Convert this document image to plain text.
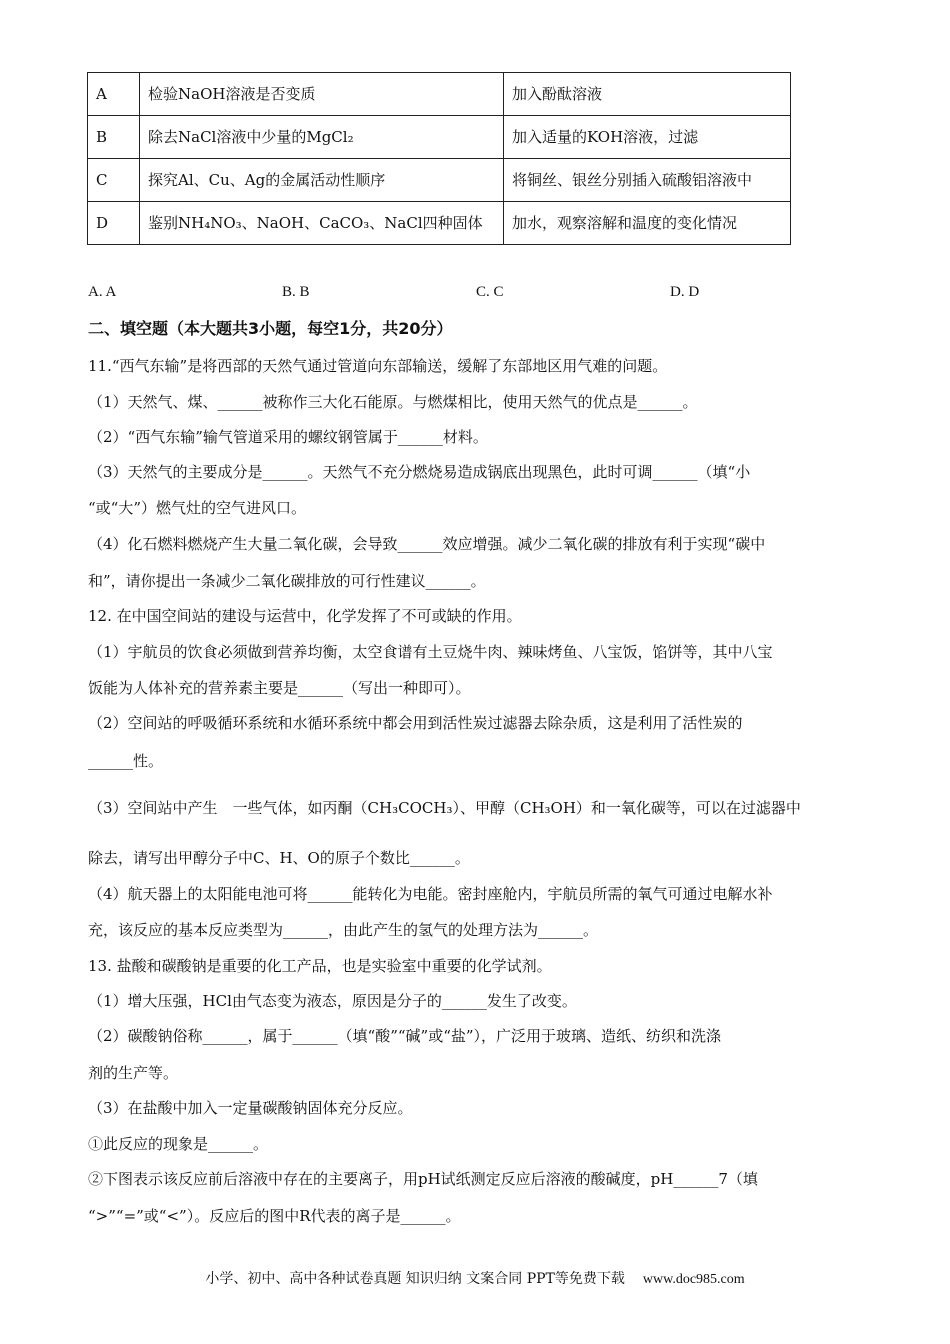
A	检验NaOH溶液是否变质	加入酚酞溶液
B	除去NaCl溶液中少量的MgCl₂	加入适量的KOH溶液，过滤
C	探究Al、Cu、Ag的金属活动性顺序	将铜丝、银丝分别插入硫酸铝溶液中
D	鉴别NH₄NO₃、NaOH、CaCO₃、NaCl四种固体	加水，观察溶解和温度的变化情况
A. A	B. B	C. C	D. D
二、填空题（本大题共3小题，每空1分，共20分）
11.“西气东输”是将西部的天然气通过管道向东部输送，缓解了东部地区用气难的问题。
（1）天然气、煤、______被称作三大化石能原。与燃煤相比，使用天然气的优点是______。
（2）“西气东输”输气管道采用的螺纹钢管属于______材料。
（3）天然气的主要成分是______。天然气不充分燃烧易造成锅底出现黑色，此时可调______（填“小
“或“大”）燃气灶的空气进风口。
（4）化石燃料燃烧产生大量二氧化碳，会导致______效应增强。减少二氧化碳的排放有利于实现“碳中
和”，请你提出一条减少二氧化碳排放的可行性建议______。
12. 在中国空间站的建设与运营中，化学发挥了不可或缺的作用。
（1）宇航员的饮食必须做到营养均衡，太空食谱有土豆烧牛肉、辣味烤鱼、八宝饭，馅饼等，其中八宝
饭能为人体补充的营养素主要是______（写出一种即可）。
（2）空间站的呼吸循环系统和水循环系统中都会用到活性炭过滤器去除杂质，这是利用了活性炭的
______性。
（3）空间站中产生　一些气体，如丙酮（CH₃COCH₃）、甲醇（CH₃OH）和一氧化碳等，可以在过滤器中
除去，请写出甲醇分子中C、H、O的原子个数比______。
（4）航天器上的太阳能电池可将______能转化为电能。密封座舱内，宇航员所需的氧气可通过电解水补
充，该反应的基本反应类型为______，由此产生的氢气的处理方法为______。
13. 盐酸和碳酸钠是重要的化工产品，也是实验室中重要的化学试剂。
（1）增大压强，HCl由气态变为液态，原因是分子的______发生了改变。
（2）碳酸钠俗称______，属于______（填“酸”“碱”或“盐”），广泛用于玻璃、造纸、纺织和洗涤
剂的生产等。
（3）在盐酸中加入一定量碳酸钠固体充分反应。
①此反应的现象是______。
②下图表示该反应前后溶液中存在的主要离子，用pH试纸测定反应后溶液的酸碱度，pH______7（填
“>”“=”或“<”）。反应后的图中R代表的离子是______。
小学、初中、高中各种试卷真题 知识归纳 文案合同 PPT等免费下载 www.doc985.com
